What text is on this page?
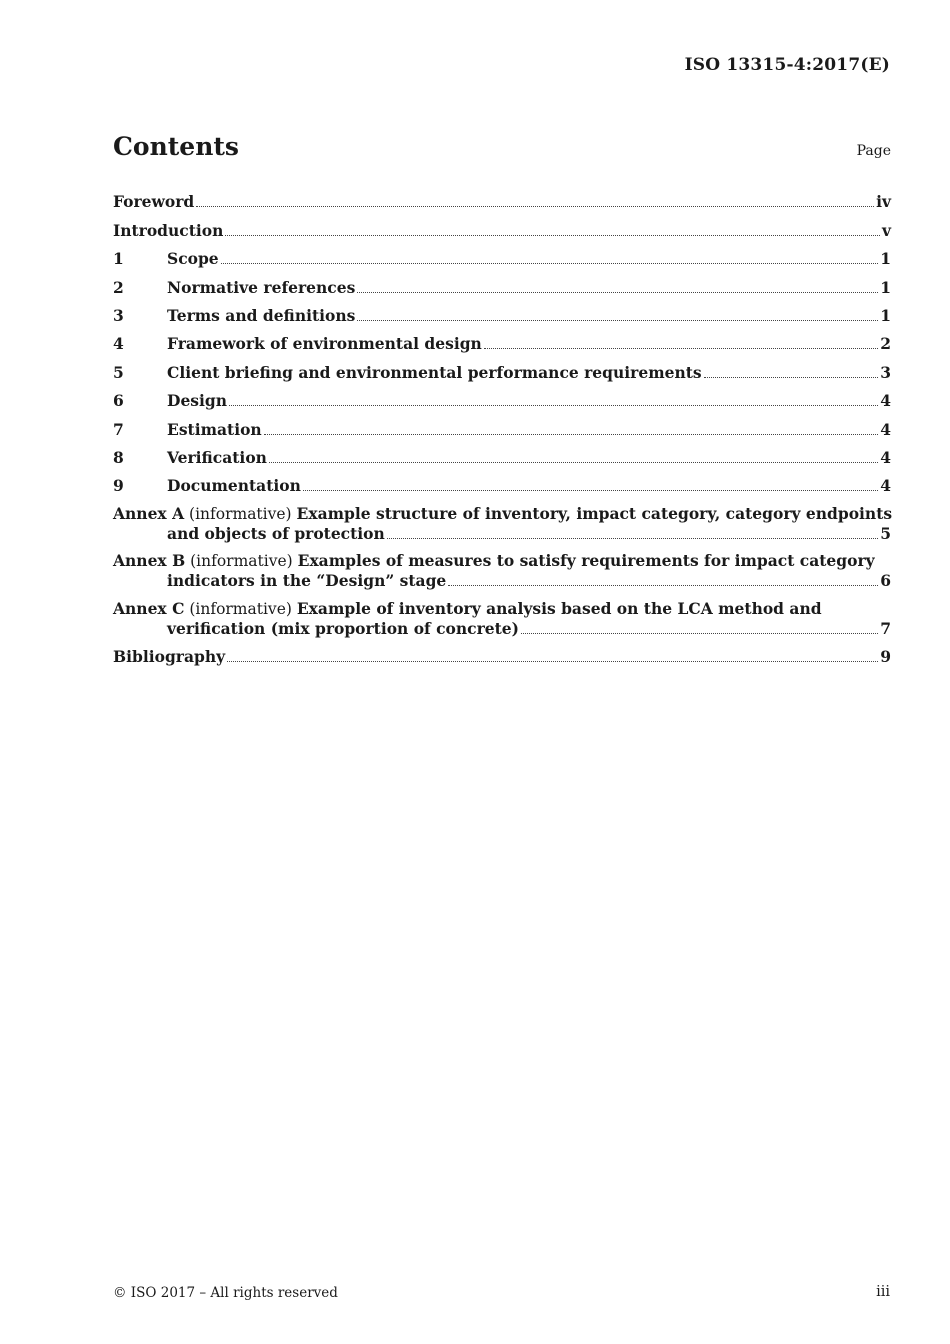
ISO 13315-4:2017(E)
Contents	Page
Foreword	iv
Introduction	v
1	Scope	1
2	Normative references	1
3	Terms and definitions	1
4	Framework of environmental design	2
5	Client briefing and environmental performance requirements	3
6	Design	4
7	Estimation	4
8	Verification	4
9	Documentation	4
Annex A (informative) Example structure of inventory, impact category, category endpoints
and objects of protection	5
Annex B (informative) Examples of measures to satisfy requirements for impact category
indicators in the “Design” stage	6
Annex C (informative) Example of inventory analysis based on the LCA method and
verification (mix proportion of concrete)	7
Bibliography	9
© ISO 2017 – All rights reserved	iii
